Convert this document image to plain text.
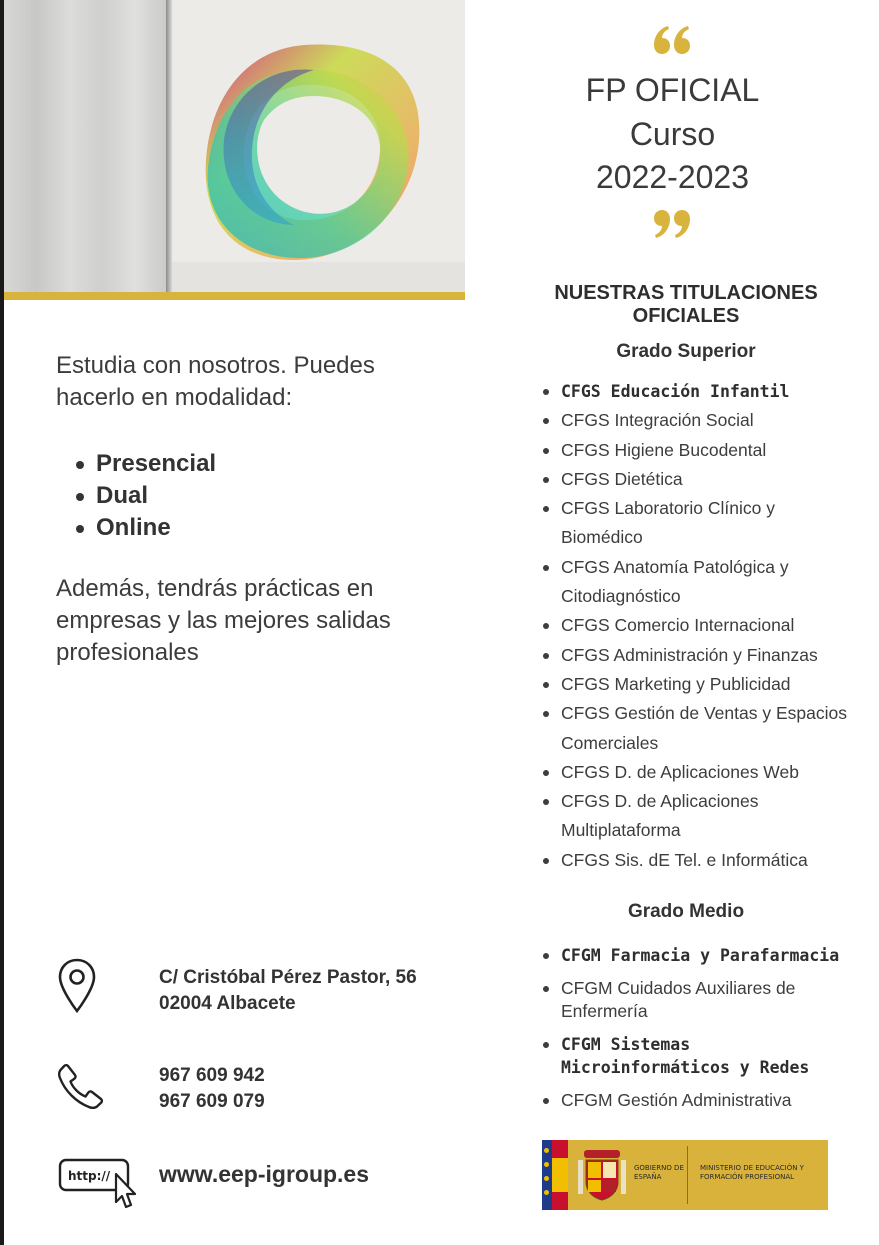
Estudia con nosotros. Puedes hacerlo en modalidad:

Presencial
Dual
Online

Además, tendrás prácticas en empresas y las mejores salidas profesionales

C/ Cristóbal Pérez Pastor, 56
02004 Albacete
967 609 942
967 609 079
http:// www.eep-igroup.es
FP OFICIAL
Curso
2022-2023
NUESTRAS TITULACIONES OFICIALES
Grado Superior
CFGS Educación Infantil
CFGS Integración Social
CFGS Higiene Bucodental
CFGS Dietética
CFGS Laboratorio Clínico y Biomédico
CFGS Anatomía Patológica y Citodiagnóstico
CFGS Comercio Internacional
CFGS Administración y Finanzas
CFGS Marketing y Publicidad
CFGS Gestión de Ventas y Espacios Comerciales
CFGS D. de Aplicaciones Web
CFGS D. de Aplicaciones Multiplataforma
CFGS Sis. dE Tel. e Informática
Grado Medio
CFGM Farmacia y Parafarmacia
CFGM Cuidados Auxiliares de Enfermería
CFGM Sistemas Microinformáticos y Redes
CFGM Gestión Administrativa
GOBIERNO DE ESPAÑA
MINISTERIO DE EDUCACIÓN Y FORMACIÓN PROFESIONAL
